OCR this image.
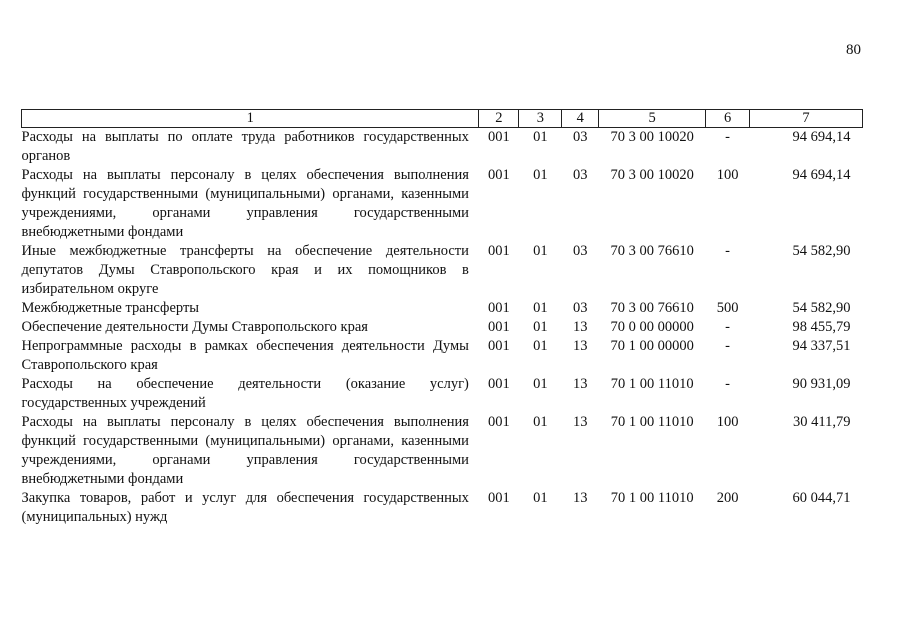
80
1	2	3	4	5	6	7
Расходы на выплаты по оплате труда работников государственных органов	001	01	03	70 3 00 10020	-	94 694,14
Расходы на выплаты персоналу в целях обеспечения выполнения функций государственными (муниципальными) органами, казенными учреждениями, органами управления государственными внебюджетными фондами	001	01	03	70 3 00 10020	100	94 694,14
Иные межбюджетные трансферты на обеспечение деятельности депутатов Думы Ставропольского края и их помощников в избирательном округе	001	01	03	70 3 00 76610	-	54 582,90
Межбюджетные трансферты	001	01	03	70 3 00 76610	500	54 582,90
Обеспечение деятельности Думы Ставропольского края	001	01	13	70 0 00 00000	-	98 455,79
Непрограммные расходы в рамках обеспечения деятельности Думы Ставропольского края	001	01	13	70 1 00 00000	-	94 337,51
Расходы на обеспечение деятельности (оказание услуг) государственных учреждений	001	01	13	70 1 00 11010	-	90 931,09
Расходы на выплаты персоналу в целях обеспечения выполнения функций государственными (муниципальными) органами, казенными учреждениями, органами управления государственными внебюджетными фондами	001	01	13	70 1 00 11010	100	30 411,79
Закупка товаров, работ и услуг для обеспечения государственных (муниципальных) нужд	001	01	13	70 1 00 11010	200	60 044,71
